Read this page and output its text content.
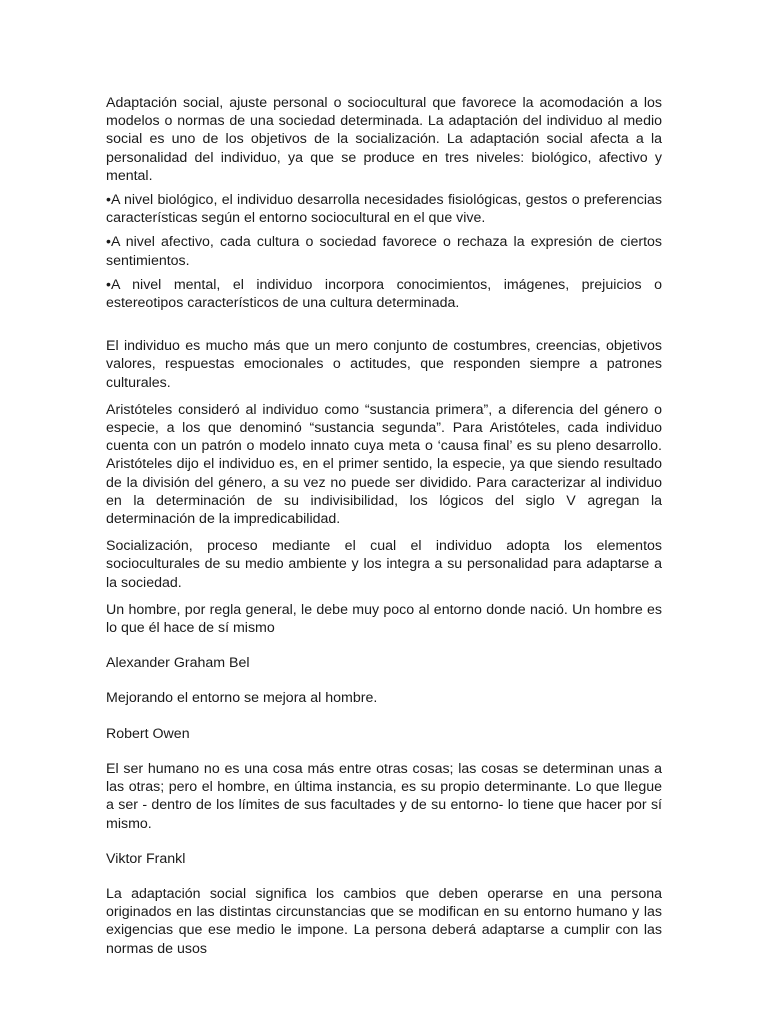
Adaptación social, ajuste personal o sociocultural que favorece la acomodación a los modelos o normas de una sociedad determinada. La adaptación del individuo al medio social es uno de los objetivos de la socialización. La adaptación social afecta a la personalidad del individuo, ya que se produce en tres niveles: biológico, afectivo y mental.

•A nivel biológico, el individuo desarrolla necesidades fisiológicas, gestos o preferencias características según el entorno sociocultural en el que vive.

•A nivel afectivo, cada cultura o sociedad favorece o rechaza la expresión de ciertos sentimientos.

•A nivel mental, el individuo incorpora conocimientos, imágenes, prejuicios o estereotipos característicos de una cultura determinada.

El individuo es mucho más que un mero conjunto de costumbres, creencias, objetivos valores, respuestas emocionales o actitudes, que responden siempre a patrones culturales.

Aristóteles consideró al individuo como “sustancia primera”, a diferencia del género o especie, a los que denominó “sustancia segunda”. Para Aristóteles, cada individuo cuenta con un patrón o modelo innato cuya meta o ‘causa final’ es su pleno desarrollo. Aristóteles dijo el individuo es, en el primer sentido, la especie, ya que siendo resultado de la división del género, a su vez no puede ser dividido. Para caracterizar al individuo en la determinación de su indivisibilidad, los lógicos del siglo V agregan la determinación de la impredicabilidad.

Socialización, proceso mediante el cual el individuo adopta los elementos socioculturales de su medio ambiente y los integra a su personalidad para adaptarse a la sociedad.

Un hombre, por regla general, le debe muy poco al entorno donde nació. Un hombre es lo que él hace de sí mismo

Alexander Graham Bel

Mejorando el entorno se mejora al hombre.

Robert Owen

El ser humano no es una cosa más entre otras cosas; las cosas se determinan unas a las otras; pero el hombre, en última instancia, es su propio determinante. Lo que llegue a ser - dentro de los límites de sus facultades y de su entorno- lo tiene que hacer por sí mismo.

Viktor Frankl

La adaptación social significa los cambios que deben operarse en una persona originados en las distintas circunstancias que se modifican en su entorno humano y las exigencias que ese medio le impone. La persona deberá adaptarse a cumplir con las normas de usos
